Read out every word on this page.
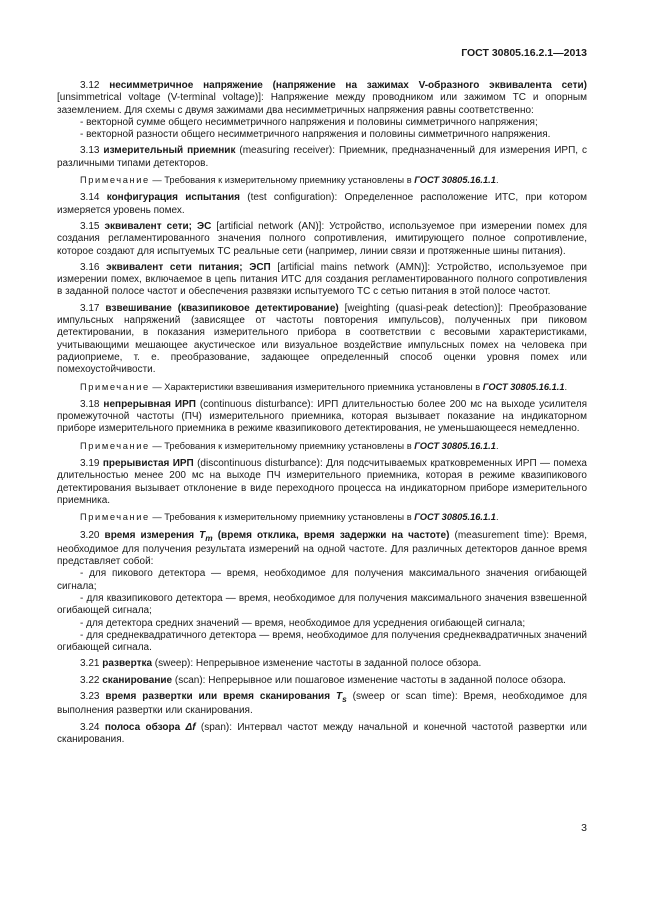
ГОСТ 30805.16.2.1—2013

3.12 несимметричное напряжение (напряжение на зажимах V-образного эквивалента сети) [unsimmetrical voltage (V-terminal voltage)]: Напряжение между проводником или зажимом ТС и опорным заземлением. Для схемы с двумя зажимами два несимметричных напряжения равны соответственно:

- векторной сумме общего несимметричного напряжения и половины симметричного напряжения;
- векторной разности общего несимметричного напряжения и половины симметричного напряжения.

3.13 измерительный приемник (measuring receiver): Приемник, предназначенный для измерения ИРП, с различными типами детекторов.

Примечание — Требования к измерительному приемнику установлены в ГОСТ 30805.16.1.1.

3.14 конфигурация испытания (test configuration): Определенное расположение ИТС, при котором измеряется уровень помех.

3.15 эквивалент сети; ЭС [artificial network (AN)]: Устройство, используемое при измерении помех для создания регламентированного значения полного сопротивления, имитирующего полное сопротивление, которое создают для испытуемых ТС реальные сети (например, линии связи и протяженные шины питания).

3.16 эквивалент сети питания; ЭСП [artificial mains network (AMN)]: Устройство, используемое при измерении помех, включаемое в цепь питания ИТС для создания регламентированного полного сопротивления в заданной полосе частот и обеспечения развязки испытуемого ТС с сетью питания в этой полосе частот.

3.17 взвешивание (квазипиковое детектирование) [weighting (quasi-peak detection)]: Преобразование импульсных напряжений (зависящее от частоты повторения импульсов), полученных при пиковом детектировании, в показания измерительного прибора в соответствии с весовыми характеристиками, учитывающими мешающее акустическое или визуальное воздействие импульсных помех на человека при радиоприеме, т. е. преобразование, задающее определенный способ оценки уровня помех или помехоустойчивости.

Примечание — Характеристики взвешивания измерительного приемника установлены в ГОСТ 30805.16.1.1.

3.18 непрерывная ИРП (continuous disturbance): ИРП длительностью более 200 мс на выходе усилителя промежуточной частоты (ПЧ) измерительного приемника, которая вызывает показание на индикаторном приборе измерительного приемника в режиме квазипикового детектирования, не уменьшающееся немедленно.

Примечание — Требования к измерительному приемнику установлены в ГОСТ 30805.16.1.1.

3.19 прерывистая ИРП (discontinuous disturbance): Для подсчитываемых кратковременных ИРП — помеха длительностью менее 200 мс на выходе ПЧ измерительного приемника, которая в режиме квазипикового детектирования вызывает отклонение в виде переходного процесса на индикаторном приборе измерительного приемника.

Примечание — Требования к измерительному приемнику установлены в ГОСТ 30805.16.1.1.

3.20 время измерения $T_m$ (время отклика, время задержки на частоте) (measurement time): Время, необходимое для получения результата измерений на одной частоте. Для различных детекторов данное время представляет собой:

- для пикового детектора — время, необходимое для получения максимального значения огибающей сигнала;
- для квазипикового детектора — время, необходимое для получения максимального значения взвешенной огибающей сигнала;
- для детектора средних значений — время, необходимое для усреднения огибающей сигнала;
- для среднеквадратичного детектора — время, необходимое для получения среднеквадратичных значений огибающей сигнала.

3.21 развертка (sweep): Непрерывное изменение частоты в заданной полосе обзора.

3.22 сканирование (scan): Непрерывное или пошаговое изменение частоты в заданной полосе обзора.

3.23 время развертки или время сканирования $T_s$ (sweep or scan time): Время, необходимое для выполнения развертки или сканирования.

3.24 полоса обзора Δf (span): Интервал частот между начальной и конечной частотой развертки или сканирования.

3
